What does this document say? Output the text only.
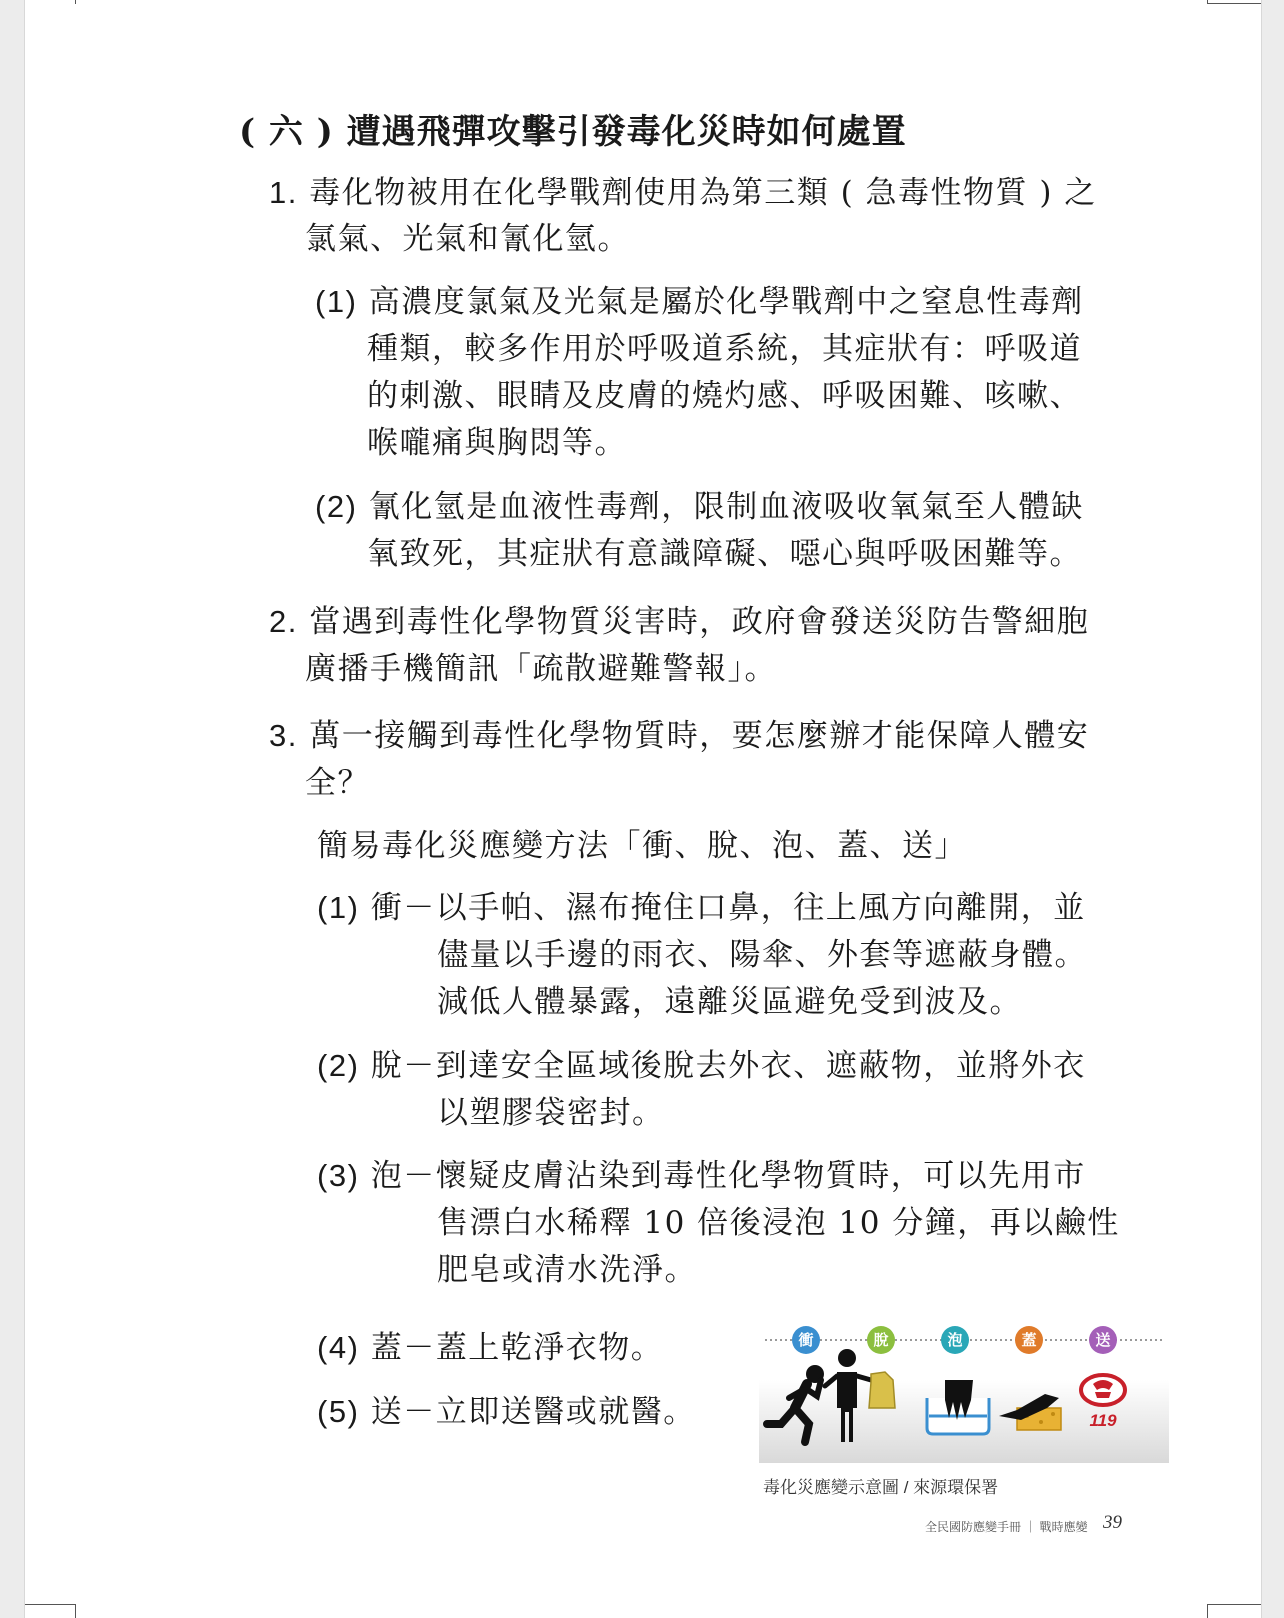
( 六 ) 遭遇飛彈攻擊引發毒化災時如何處置
1. 毒化物被用在化學戰劑使用為第三類 ( 急毒性物質 ) 之
氯氣、光氣和氰化氫。
(1) 高濃度氯氣及光氣是屬於化學戰劑中之窒息性毒劑
種類，較多作用於呼吸道系統，其症狀有：呼吸道
的刺激、眼睛及皮膚的燒灼感、呼吸困難、咳嗽、
喉嚨痛與胸悶等。
(2) 氰化氫是血液性毒劑，限制血液吸收氧氣至人體缺
氧致死，其症狀有意識障礙、噁心與呼吸困難等。
2. 當遇到毒性化學物質災害時，政府會發送災防告警細胞
廣播手機簡訊「疏散避難警報」。
3. 萬一接觸到毒性化學物質時，要怎麼辦才能保障人體安
全？
簡易毒化災應變方法「衝、脫、泡、蓋、送」
(1) 衝－以手帕、濕布掩住口鼻，往上風方向離開，並
儘量以手邊的雨衣、陽傘、外套等遮蔽身體。
減低人體暴露，遠離災區避免受到波及。
(2) 脫－到達安全區域後脫去外衣、遮蔽物，並將外衣
以塑膠袋密封。
(3) 泡－懷疑皮膚沾染到毒性化學物質時，可以先用市
售漂白水稀釋 10 倍後浸泡 10 分鐘，再以鹼性
肥皂或清水洗淨。
(4) 蓋－蓋上乾淨衣物。
(5) 送－立即送醫或就醫。
衝	脫	泡	蓋	送
119
毒化災應變示意圖 / 來源環保署
全民國防應變手冊 ｜ 戰時應變 39
